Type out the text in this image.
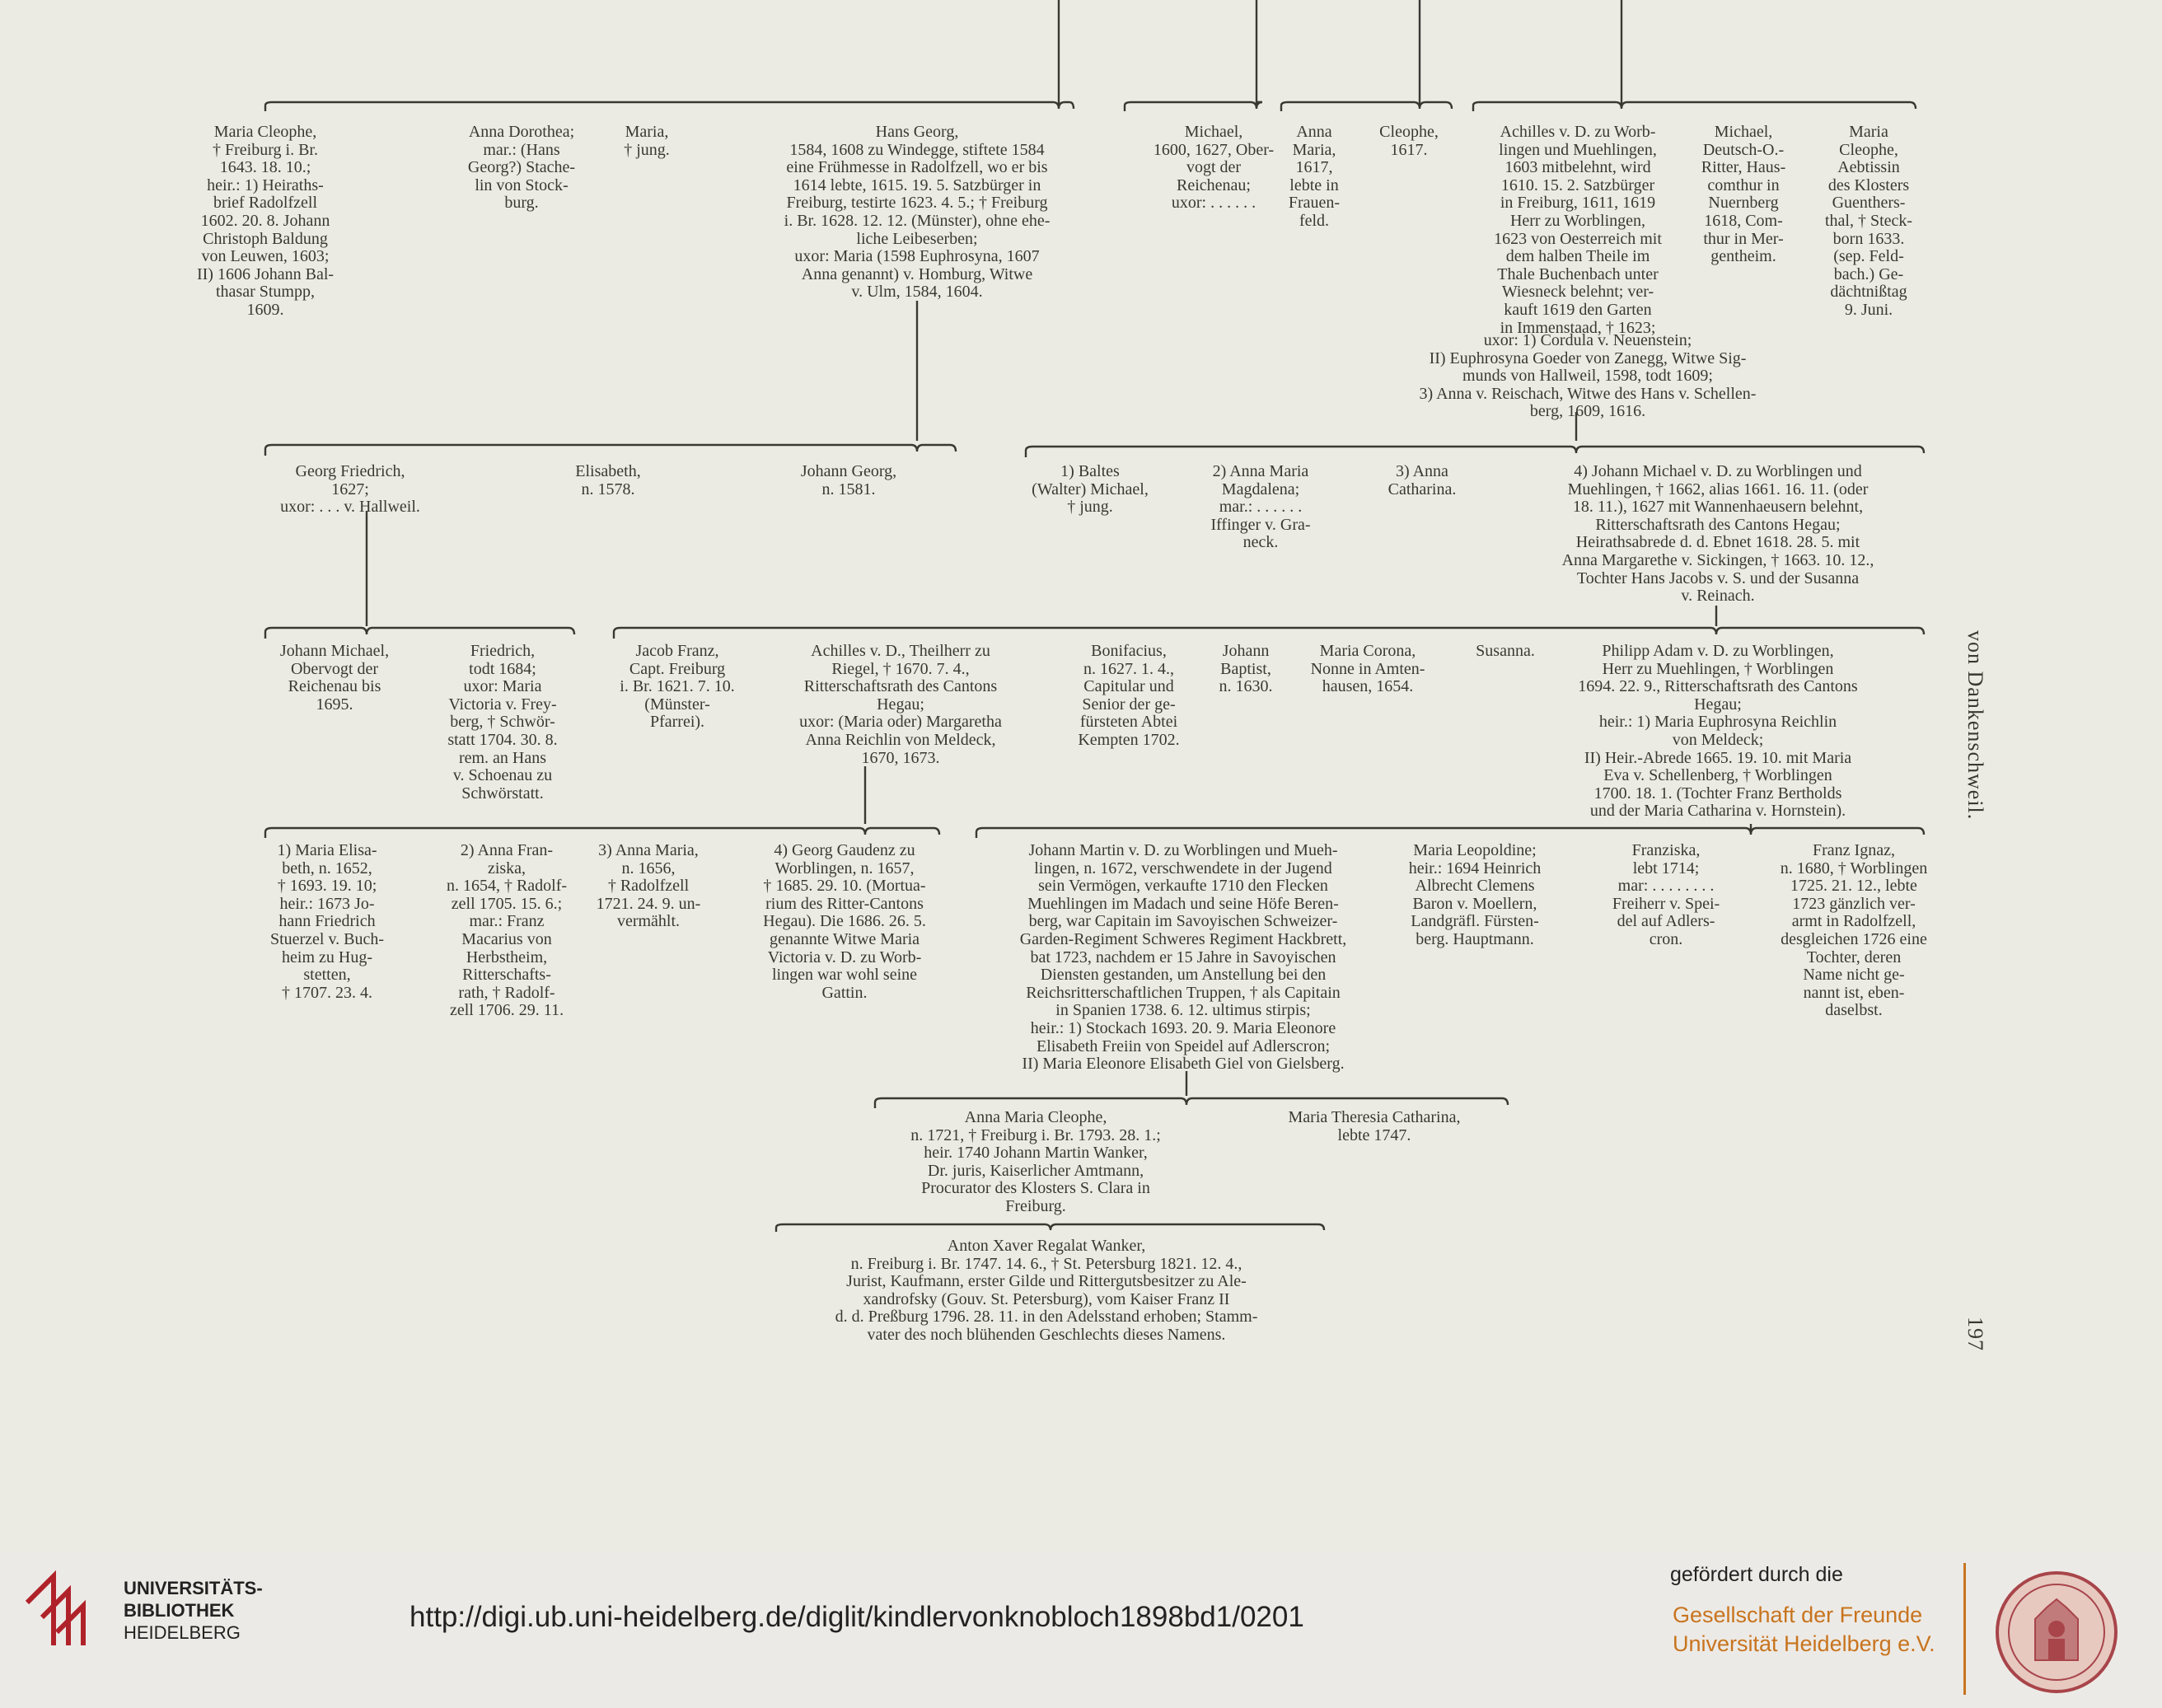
Maria Cleophe,
† Freiburg i. Br.
1643. 18. 10.;
heir.: 1) Heiraths-
brief Radolfzell
1602. 20. 8. Johann
Christoph Baldung
von Leuwen, 1603;
II) 1606 Johann Bal-
thasar Stumpp,
1609.
Anna Dorothea;
mar.: (Hans
Georg?) Stache-
lin von Stock-
burg.
Maria,
† jung.
Hans Georg,
1584, 1608 zu Windegge, stiftete 1584
eine Frühmesse in Radolfzell, wo er bis
1614 lebte, 1615. 19. 5. Satzbürger in
Freiburg, testirte 1623. 4. 5.; † Freiburg
i. Br. 1628. 12. 12. (Münster), ohne ehe-
liche Leibeserben;
uxor: Maria (1598 Euphrosyna, 1607
Anna genannt) v. Homburg, Witwe
v. Ulm, 1584, 1604.
Michael,
1600, 1627, Ober-
vogt der
Reichenau;
uxor: . . . . . .
Anna
Maria,
1617,
lebte in
Frauen-
feld.
Cleophe,
1617.
Achilles v. D. zu Worb-
lingen und Muehlingen,
1603 mitbelehnt, wird
1610. 15. 2. Satzbürger
in Freiburg, 1611, 1619
Herr zu Worblingen,
1623 von Oesterreich mit
dem halben Theile im
Thale Buchenbach unter
Wiesneck belehnt; ver-
kauft 1619 den Garten
in Immenstaad, † 1623;
uxor: 1) Cordula v. Neuenstein;
II) Euphrosyna Goeder von Zanegg, Witwe Sig-
munds von Hallweil, 1598, todt 1609;
3) Anna v. Reischach, Witwe des Hans v. Schellen-
berg, 1609, 1616.
Michael,
Deutsch-O.-
Ritter, Haus-
comthur in
Nuernberg
1618, Com-
thur in Mer-
gentheim.
Maria
Cleophe,
Aebtissin
des Klosters
Guenthers-
thal, † Steck-
born 1633.
(sep. Feld-
bach.) Ge-
dächtnißtag
9. Juni.
Georg Friedrich,
1627;
uxor: . . . v. Hallweil.
Elisabeth,
n. 1578.
Johann Georg,
n. 1581.
1) Baltes
(Walter) Michael,
† jung.
2) Anna Maria
Magdalena;
mar.: . . . . . .
Iffinger v. Gra-
neck.
3) Anna
Catharina.
4) Johann Michael v. D. zu Worblingen und
Muehlingen, † 1662, alias 1661. 16. 11. (oder
18. 11.), 1627 mit Wannenhaeusern belehnt,
Ritterschaftsrath des Cantons Hegau;
Heirathsabrede d. d. Ebnet 1618. 28. 5. mit
Anna Margarethe v. Sickingen, † 1663. 10. 12.,
Tochter Hans Jacobs v. S. und der Susanna
v. Reinach.
Johann Michael,
Obervogt der
Reichenau bis
1695.
Friedrich,
todt 1684;
uxor: Maria
Victoria v. Frey-
berg, † Schwör-
statt 1704. 30. 8.
rem. an Hans
v. Schoenau zu
Schwörstatt.
Jacob Franz,
Capt. Freiburg
i. Br. 1621. 7. 10.
(Münster-
Pfarrei).
Achilles v. D., Theilherr zu
Riegel, † 1670. 7. 4.,
Ritterschaftsrath des Cantons
Hegau;
uxor: (Maria oder) Margaretha
Anna Reichlin von Meldeck,
1670, 1673.
Bonifacius,
n. 1627. 1. 4.,
Capitular und
Senior der ge-
fürsteten Abtei
Kempten 1702.
Johann
Baptist,
n. 1630.
Maria Corona,
Nonne in Amten-
hausen, 1654.
Susanna.	Philipp Adam v. D. zu Worblingen,
Herr zu Muehlingen, † Worblingen
1694. 22. 9., Ritterschaftsrath des Cantons
Hegau;
heir.: 1) Maria Euphrosyna Reichlin
von Meldeck;
II) Heir.-Abrede 1665. 19. 10. mit Maria
Eva v. Schellenberg, † Worblingen
1700. 18. 1. (Tochter Franz Bertholds
und der Maria Catharina v. Hornstein).
1) Maria Elisa-
beth, n. 1652,
† 1693. 19. 10;
heir.: 1673 Jo-
hann Friedrich
Stuerzel v. Buch-
heim zu Hug-
stetten,
† 1707. 23. 4.
2) Anna Fran-
ziska,
n. 1654, † Radolf-
zell 1705. 15. 6.;
mar.: Franz
Macarius von
Herbstheim,
Ritterschafts-
rath, † Radolf-
zell 1706. 29. 11.
3) Anna Maria,
n. 1656,
† Radolfzell
1721. 24. 9. un-
vermählt.
4) Georg Gaudenz zu
Worblingen, n. 1657,
† 1685. 29. 10. (Mortua-
rium des Ritter-Cantons
Hegau). Die 1686. 26. 5.
genannte Witwe Maria
Victoria v. D. zu Worb-
lingen war wohl seine
Gattin.
Johann Martin v. D. zu Worblingen und Mueh-
lingen, n. 1672, verschwendete in der Jugend
sein Vermögen, verkaufte 1710 den Flecken
Muehlingen im Madach und seine Höfe Beren-
berg, war Capitain im Savoyischen Schweizer-
Garden-Regiment Schweres Regiment Hackbrett,
bat 1723, nachdem er 15 Jahre in Savoyischen
Diensten gestanden, um Anstellung bei den
Reichsritterschaftlichen Truppen, † als Capitain
in Spanien 1738. 6. 12. ultimus stirpis;
heir.: 1) Stockach 1693. 20. 9. Maria Eleonore
Elisabeth Freiin von Speidel auf Adlerscron;
II) Maria Eleonore Elisabeth Giel von Gielsberg.
Maria Leopoldine;
heir.: 1694 Heinrich
Albrecht Clemens
Baron v. Moellern,
Landgräfl. Fürsten-
berg. Hauptmann.
Franziska,
lebt 1714;
mar: . . . . . . . .
Freiherr v. Spei-
del auf Adlers-
cron.
Franz Ignaz,
n. 1680, † Worblingen
1725. 21. 12., lebte
1723 gänzlich ver-
armt in Radolfzell,
desgleichen 1726 eine
Tochter, deren
Name nicht ge-
nannt ist, eben-
daselbst.
Anna Maria Cleophe,
n. 1721, † Freiburg i. Br. 1793. 28. 1.;
heir. 1740 Johann Martin Wanker,
Dr. juris, Kaiserlicher Amtmann,
Procurator des Klosters S. Clara in
Freiburg.
Maria Theresia Catharina,
lebte 1747.
Anton Xaver Regalat Wanker,
n. Freiburg i. Br. 1747. 14. 6., † St. Petersburg 1821. 12. 4.,
Jurist, Kaufmann, erster Gilde und Rittergutsbesitzer zu Ale-
xandrofsky (Gouv. St. Petersburg), vom Kaiser Franz II
d. d. Preßburg 1796. 28. 11. in den Adelsstand erhoben; Stamm-
vater des noch blühenden Geschlechts dieses Namens.
von Dankenschweil.
197
UNIVERSITÄTS-
BIBLIOTHEK
HEIDELBERG	http://digi.ub.uni-heidelberg.de/diglit/kindlervonknobloch1898bd1/0201
gefördert durch die
Gesellschaft der Freunde
Universität Heidelberg e.V.
